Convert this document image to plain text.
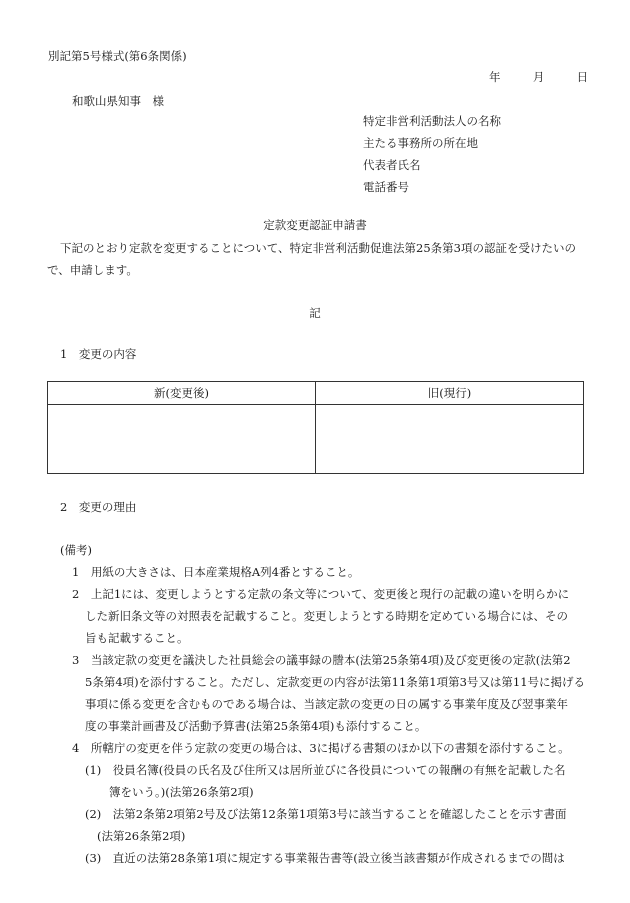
別記第5号様式(第6条関係)
年	月	日
和歌山県知事　様
特定非営利活動法人の名称
主たる事務所の所在地
代表者氏名
電話番号
定款変更認証申請書
下記のとおり定款を変更することについて、特定非営利活動促進法第25条第3項の認証を受けたいの
で、申請します。
記
1　変更の内容
新(変更後)	旧(現行)

2　変更の理由
(備考)
1　用紙の大きさは、日本産業規格A列4番とすること。
2　上記1には、変更しようとする定款の条文等について、変更後と現行の記載の違いを明らかに
した新旧条文等の対照表を記載すること。変更しようとする時期を定めている場合には、その
旨も記載すること。
3　当該定款の変更を議決した社員総会の議事録の謄本(法第25条第4項)及び変更後の定款(法第2
5条第4項)を添付すること。ただし、定款変更の内容が法第11条第1項第3号又は第11号に掲げる
事項に係る変更を含むものである場合は、当該定款の変更の日の属する事業年度及び翌事業年
度の事業計画書及び活動予算書(法第25条第4項)も添付すること。
4　所轄庁の変更を伴う定款の変更の場合は、3に掲げる書類のほか以下の書類を添付すること。
(1)　役員名簿(役員の氏名及び住所又は居所並びに各役員についての報酬の有無を記載した名
簿をいう。)(法第26条第2項)
(2)　法第2条第2項第2号及び法第12条第1項第3号に該当することを確認したことを示す書面
(法第26条第2項)
(3)　直近の法第28条第1項に規定する事業報告書等(設立後当該書類が作成されるまでの間は
